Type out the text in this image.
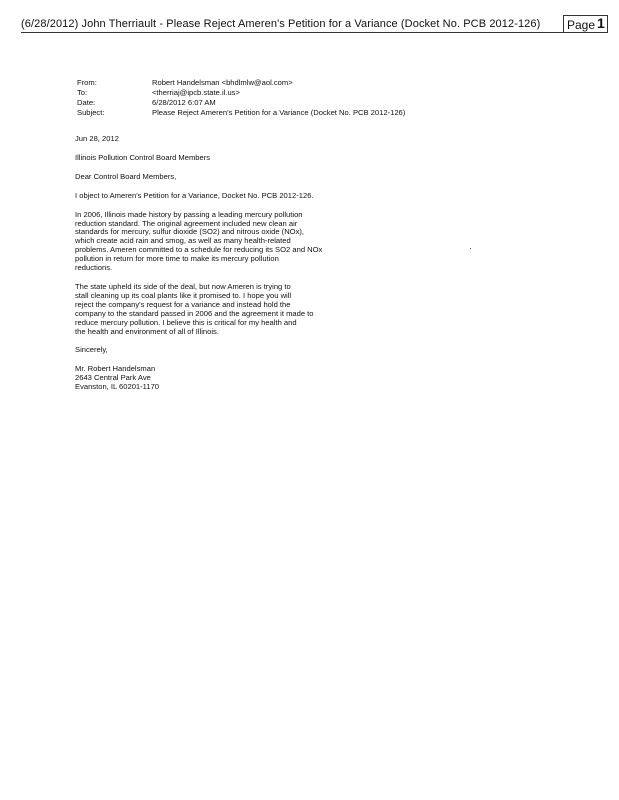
(6/28/2012) John Therriault - Please Reject Ameren's Petition for a Variance (Docket No. PCB 2012-126) Page 1
From:	Robert Handelsman <bhdlmlw@aol.com>
To:	<therriaj@ipcb.state.il.us>
Date:	6/28/2012 6:07 AM
Subject:	Please Reject Ameren's Petition for a Variance (Docket No. PCB 2012-126)

Jun 28, 2012

Illinois Pollution Control Board Members

Dear Control Board Members,

I object to Ameren's Petition for a Variance, Docket No. PCB 2012-126.

In 2006, Illinois made history by passing a leading mercury pollution
reduction standard. The original agreement included new clean air
standards for mercury, sulfur dioxide (SO2) and nitrous oxide (NOx),
which create acid rain and smog, as well as many health-related
problems. Ameren committed to a schedule for reducing its SO2 and NOx
pollution in return for more time to make its mercury pollution
reductions.
The state upheld its side of the deal, but now Ameren is trying to
stall cleaning up its coal plants like it promised to. I hope you will
reject the company's request for a variance and instead hold the
company to the standard passed in 2006 and the agreement it made to
reduce mercury pollution. I believe this is critical for my health and
the health and environment of all of Illinois.

Sincerely,

Mr. Robert Handelsman
2643 Central Park Ave
Evanston, IL 60201-1170
